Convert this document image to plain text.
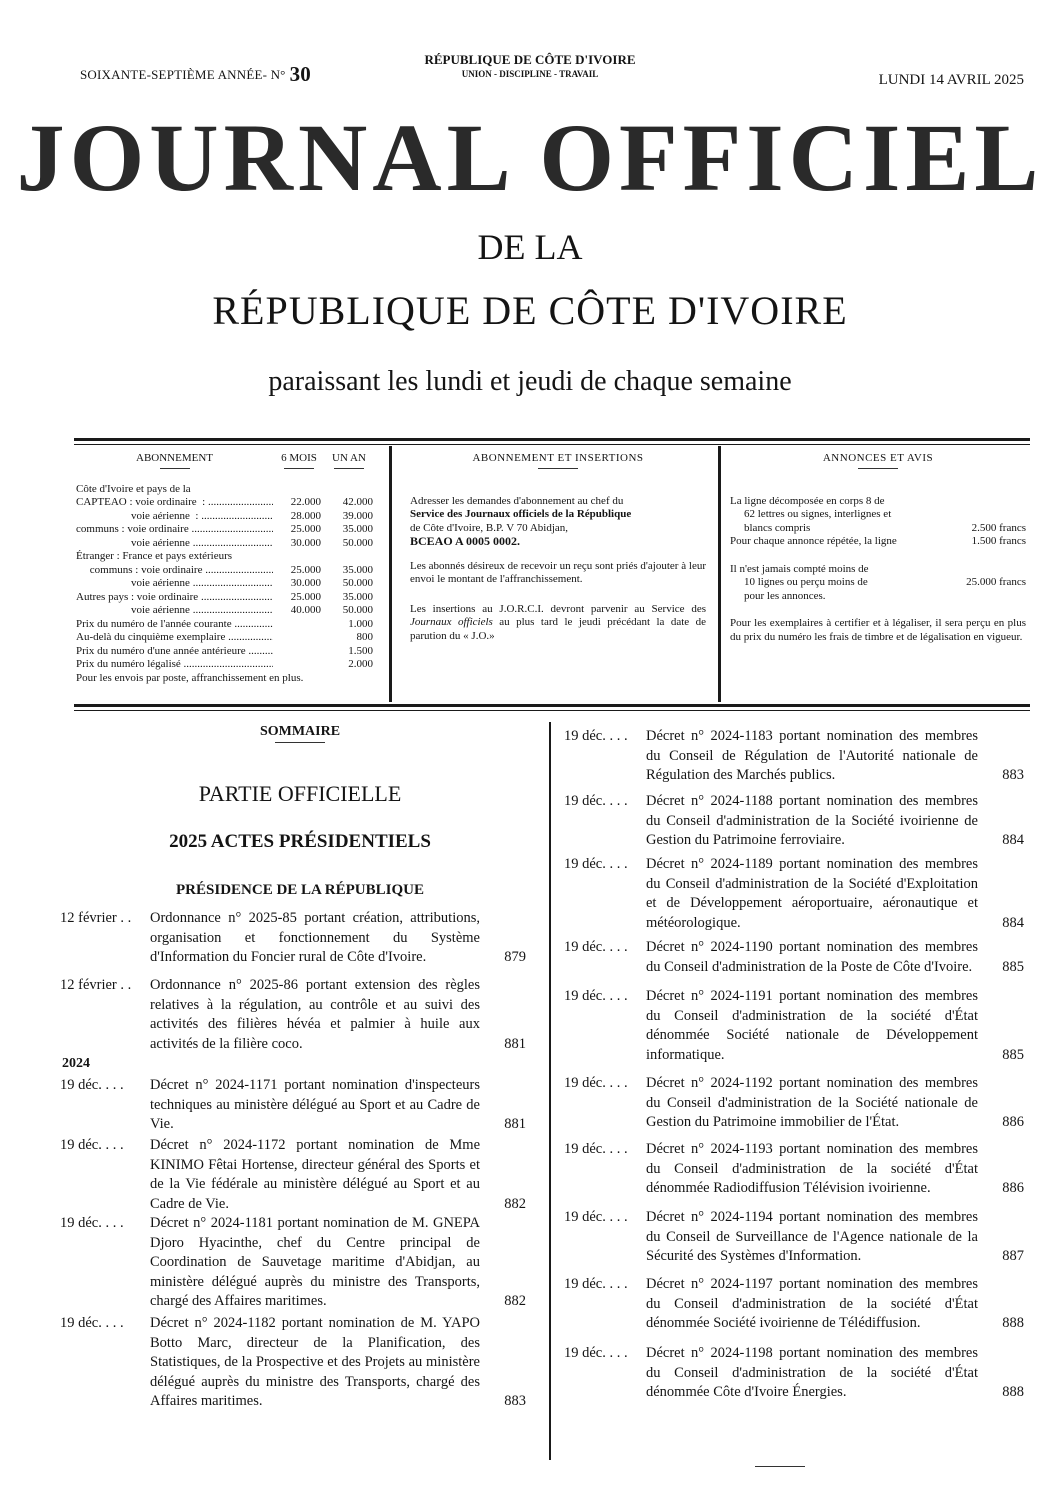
SOIXANTE-SEPTIÈME ANNÉE- N° 30
RÉPUBLIQUE DE CÔTE D'IVOIRE
UNION - DISCIPLINE - TRAVAIL	LUNDI 14 AVRIL 2025
JOURNAL OFFICIEL
DE LA
RÉPUBLIQUE DE CÔTE D'IVOIRE
paraissant les lundi et jeudi de chaque semaine
ABONNEMENT	6 MOIS	UN AN
Côte d'Ivoire et pays de la
CAPTEAO : voie ordinaire  : .....	22.000	42.000
voie aérienne  : .....	28.000	39.000
communs : voie ordinaire .....	25.000	35.000
voie aérienne .....	30.000	50.000
Étranger : France et pays extérieurs
communs : voie ordinaire .....	25.000	35.000
voie aérienne .....	30.000	50.000
Autres pays : voie ordinaire .....	25.000	35.000
voie aérienne .....	40.000	50.000
Prix du numéro de l'année courante .....	1.000
Au-delà du cinquième exemplaire .....	800
Prix du numéro d'une année antérieure .....	1.500
Prix du numéro légalisé .....	2.000
Pour les envois par poste, affranchissement en plus.
ABONNEMENT ET INSERTIONS

Adresser les demandes d'abonnement au chef du
Service des Journaux officiels de la République
de Côte d'Ivoire, B.P. V 70 Abidjan,
BCEAO A 0005 0002.

Les abonnés désireux de recevoir un reçu sont priés d'ajouter à leur envoi le montant de l'affranchissement.

Les insertions au J.O.R.C.I. devront parvenir au Service des Journaux officiels au plus tard le jeudi précédant la date de parution du « J.O.»

ANNONCES ET AVIS
La ligne décomposée en corps 8 de
62 lettres ou signes, interlignes et
blancs compris	2.500 francs
Pour chaque annonce répétée, la ligne	1.500 francs
Il n'est jamais compté moins de
10 lignes ou perçu moins de	25.000 francs
pour les annonces.

Pour les exemplaires à certifier et à légaliser, il sera perçu en plus du prix du numéro les frais de timbre et de légalisation en vigueur.

SOMMAIRE
PARTIE OFFICIELLE
2025 ACTES PRÉSIDENTIELS
PRÉSIDENCE DE LA RÉPUBLIQUE
2024
12 février . .	Ordonnance n° 2025-85 portant création, attributions, organisation et fonctionnement du Système d'Information du Foncier rural de Côte d'Ivoire.	879
12 février . .	Ordonnance n° 2025-86 portant extension des règles relatives à la régulation, au contrôle et au suivi des activités des filières hévéa et palmier à huile aux activités de la filière coco.	881
19 déc. . . .	Décret n° 2024-1171 portant nomination d'inspecteurs techniques au ministère délégué au Sport et au Cadre de Vie.	881
19 déc. . . .	Décret n° 2024-1172 portant nomination de Mme KINIMO Fêtai Hortense, directeur général des Sports et de la Vie fédérale au ministère délégué au Sport et au Cadre de Vie.	882
19 déc. . . .	Décret n° 2024-1181 portant nomination de M. GNEPA Djoro Hyacinthe, chef du Centre principal de Coordination de Sauvetage maritime d'Abidjan, au ministère délégué auprès du ministre des Transports, chargé des Affaires maritimes.	882
19 déc. . . .	Décret n° 2024-1182 portant nomination de M. YAPO Botto Marc, directeur de la Planification, des Statistiques, de la Prospective et des Projets au ministère délégué auprès du ministre des Transports, chargé des Affaires maritimes.	883
19 déc. . . .	Décret n° 2024-1183 portant nomination des membres du Conseil de Régulation de l'Autorité nationale de Régulation des Marchés publics.	883
19 déc. . . .	Décret n° 2024-1188 portant nomination des membres du Conseil d'administration de la Société ivoirienne de Gestion du Patrimoine ferroviaire.	884
19 déc. . . .	Décret n° 2024-1189 portant nomination des membres du Conseil d'administration de la Société d'Exploitation et de Développement aéroportuaire, aéronautique et météorologique.	884
19 déc. . . .	Décret n° 2024-1190 portant nomination des membres du Conseil d'administration de la Poste de Côte d'Ivoire.	885
19 déc. . . .	Décret n° 2024-1191 portant nomination des membres du Conseil d'administration de la société d'État dénommée Société nationale de Développement informatique.	885
19 déc. . . .	Décret n° 2024-1192 portant nomination des membres du Conseil d'administration de la Société nationale de Gestion du Patrimoine immobilier de l'État.	886
19 déc. . . .	Décret n° 2024-1193 portant nomination des membres du Conseil d'administration de la société d'État dénommée Radiodiffusion Télévision ivoirienne.	886
19 déc. . . .	Décret n° 2024-1194 portant nomination des membres du Conseil de Surveillance de l'Agence nationale de la Sécurité des Systèmes d'Information.	887
19 déc. . . .	Décret n° 2024-1197 portant nomination des membres du Conseil d'administration de la société d'État dénommée Société ivoirienne de Télédiffusion.	888
19 déc. . . .	Décret n° 2024-1198 portant nomination des membres du Conseil d'administration de la société d'État dénommée Côte d'Ivoire Énergies.	888
